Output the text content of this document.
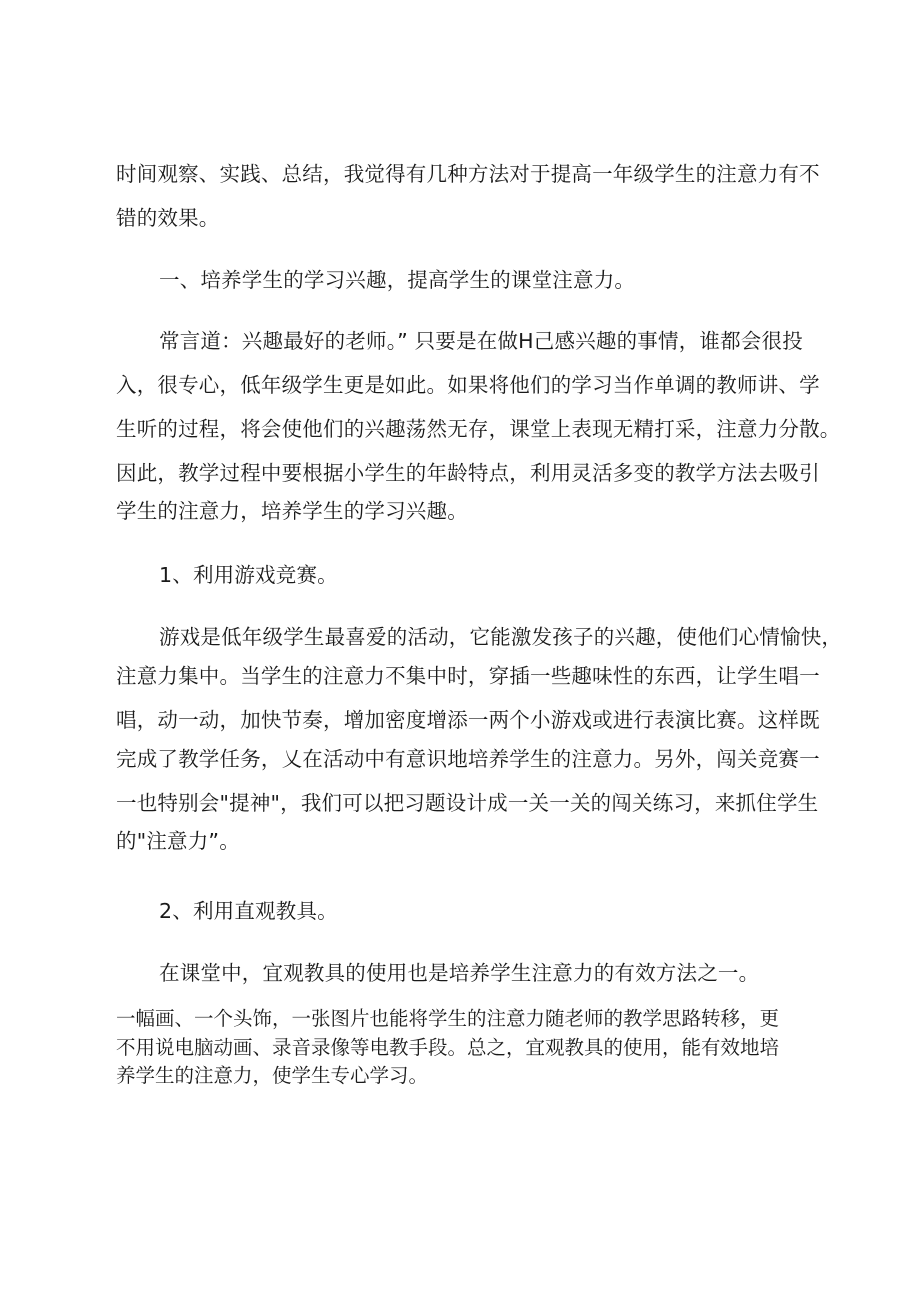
时间观察、实践、总结，我觉得有几种方法对于提高一年级学生的注意力有不
错的效果。
一、培养学生的学习兴趣，提高学生的课堂注意力。
常言道：兴趣最好的老师。” 只要是在做H己感兴趣的事情，谁都会很投
入，很专心，低年级学生更是如此。如果将他们的学习当作单调的教师讲、学
生听的过程，将会使他们的兴趣荡然无存，课堂上表现无精打采，注意力分散。
因此，教学过程中要根据小学生的年龄特点，利用灵活多变的教学方法去吸引
学生的注意力，培养学生的学习兴趣。
1、利用游戏竞赛。
游戏是低年级学生最喜爱的活动，它能激发孩子的兴趣，使他们心情愉快，
注意力集中。当学生的注意力不集中时，穿插一些趣味性的东西，让学生唱一
唱，动一动，加快节奏，增加密度增添一两个小游戏或进行表演比赛。这样既
完成了教学任务，乂在活动中有意识地培养学生的注意力。另外，闯关竞赛一
一也特别会"提神"，我们可以把习题设计成一关一关的闯关练习，来抓住学生
的"注意力”。
2、利用直观教具。
在课堂中，宜观教具的使用也是培养学生注意力的有效方法之一。
一幅画、一个头饰，一张图片也能将学生的注意力随老师的教学思路转移，更
不用说电脑动画、录音录像等电教手段。总之，宜观教具的使用，能有效地培
养学生的注意力，使学生专心学习。
